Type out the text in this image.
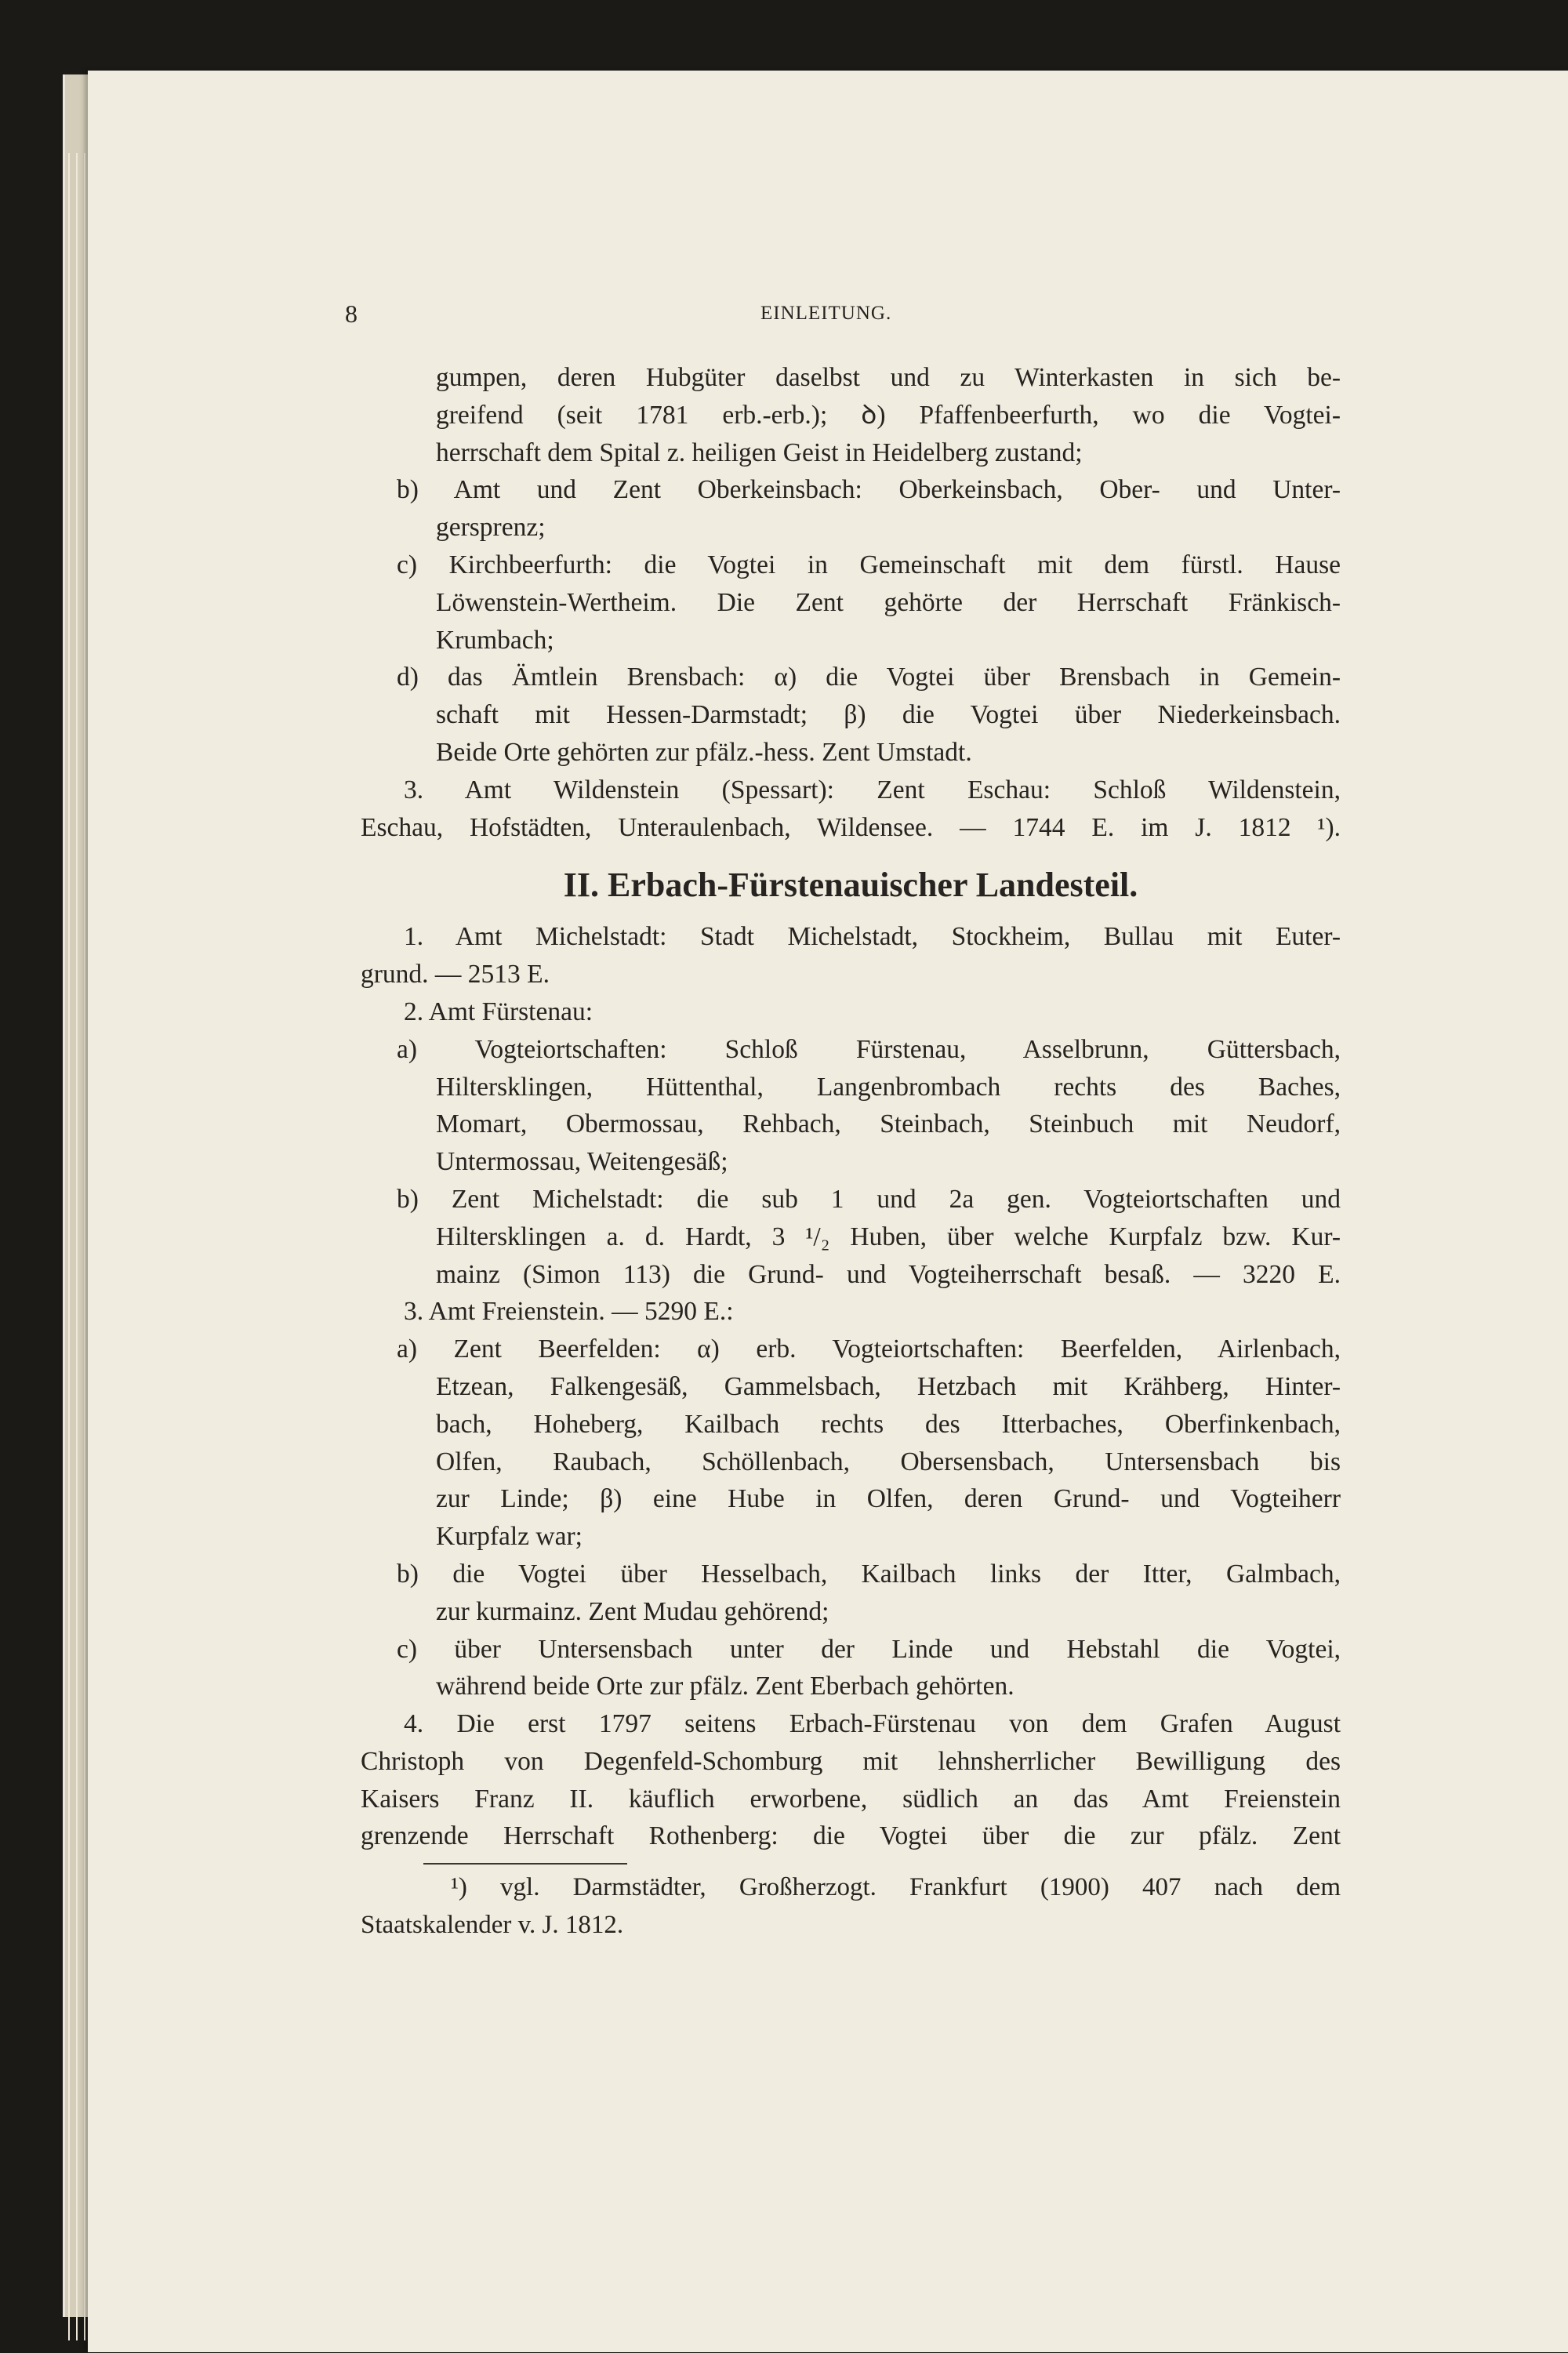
8	EINLEITUNG.
gumpen, deren Hubgüter daselbst und zu Winterkasten in sich be-
greifend (seit 1781 erb.-erb.); ꝺ) Pfaffenbeerfurth, wo die Vogtei-
herrschaft dem Spital z. heiligen Geist in Heidelberg zustand;
b) Amt und Zent Oberkeinsbach: Oberkeinsbach, Ober- und Unter-
gersprenz;
c) Kirchbeerfurth: die Vogtei in Gemeinschaft mit dem fürstl. Hause
Löwenstein-Wertheim. Die Zent gehörte der Herrschaft Fränkisch-
Krumbach;
d) das Ämtlein Brensbach: α) die Vogtei über Brensbach in Gemein-
schaft mit Hessen-Darmstadt; β) die Vogtei über Niederkeinsbach.
Beide Orte gehörten zur pfälz.-hess. Zent Umstadt.
3. Amt Wildenstein (Spessart): Zent Eschau: Schloß Wildenstein,
Eschau, Hofstädten, Unteraulenbach, Wildensee. — 1744 E. im J. 1812 ¹).
II. Erbach-Fürstenauischer Landesteil.
1. Amt Michelstadt: Stadt Michelstadt, Stockheim, Bullau mit Euter-
grund. — 2513 E.
2. Amt Fürstenau:
a) Vogteiortschaften: Schloß Fürstenau, Asselbrunn, Güttersbach,
Hiltersklingen, Hüttenthal, Langenbrombach rechts des Baches,
Momart, Obermossau, Rehbach, Steinbach, Steinbuch mit Neudorf,
Untermossau, Weitengesäß;
b) Zent Michelstadt: die sub 1 und 2a gen. Vogteiortschaften und
Hiltersklingen a. d. Hardt, 3 ¹/₂ Huben, über welche Kurpfalz bzw. Kur-
mainz (Simon 113) die Grund- und Vogteiherrschaft besaß. — 3220 E.
3. Amt Freienstein. — 5290 E.:
a) Zent Beerfelden: α) erb. Vogteiortschaften: Beerfelden, Airlenbach,
Etzean, Falkengesäß, Gammelsbach, Hetzbach mit Krähberg, Hinter-
bach, Hoheberg, Kailbach rechts des Itterbaches, Oberfinkenbach,
Olfen, Raubach, Schöllenbach, Obersensbach, Untersensbach bis
zur Linde; β) eine Hube in Olfen, deren Grund- und Vogteiherr
Kurpfalz war;
b) die Vogtei über Hesselbach, Kailbach links der Itter, Galmbach,
zur kurmainz. Zent Mudau gehörend;
c) über Untersensbach unter der Linde und Hebstahl die Vogtei,
während beide Orte zur pfälz. Zent Eberbach gehörten.
4. Die erst 1797 seitens Erbach-Fürstenau von dem Grafen August
Christoph von Degenfeld-Schomburg mit lehnsherrlicher Bewilligung des
Kaisers Franz II. käuflich erworbene, südlich an das Amt Freienstein
grenzende Herrschaft Rothenberg: die Vogtei über die zur pfälz. Zent
¹) vgl. Darmstädter, Großherzogt. Frankfurt (1900) 407 nach dem
Staatskalender v. J. 1812.
